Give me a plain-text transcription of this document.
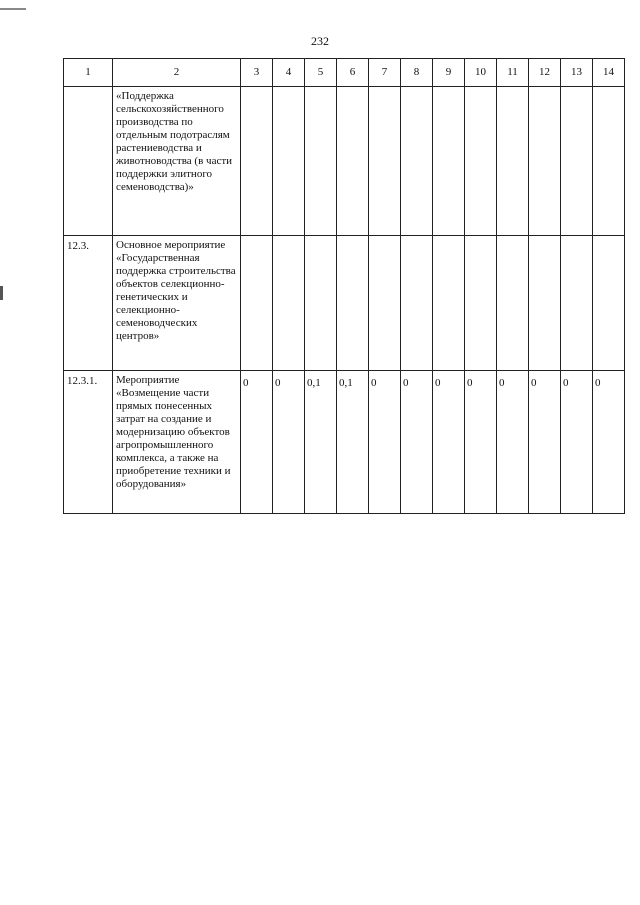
232
1	2	3	4	5	6	7	8	9	10	11	12	13	14
	«Поддержка сельскохозяйственного производства по отдельным подотраслям растениеводства и животноводства (в части поддержки элитного семеноводства)»												
12.3.	Основное мероприятие «Государственная поддержка строительства объектов селекционно-генетических и селекционно-семеноводческих центров»												
12.3.1.	Мероприятие «Возмещение части прямых понесенных затрат на создание и модернизацию объектов агропромышленного комплекса, а также на приобретение техники и оборудования»	0	0	0,1	0,1	0	0	0	0	0	0	0	0
